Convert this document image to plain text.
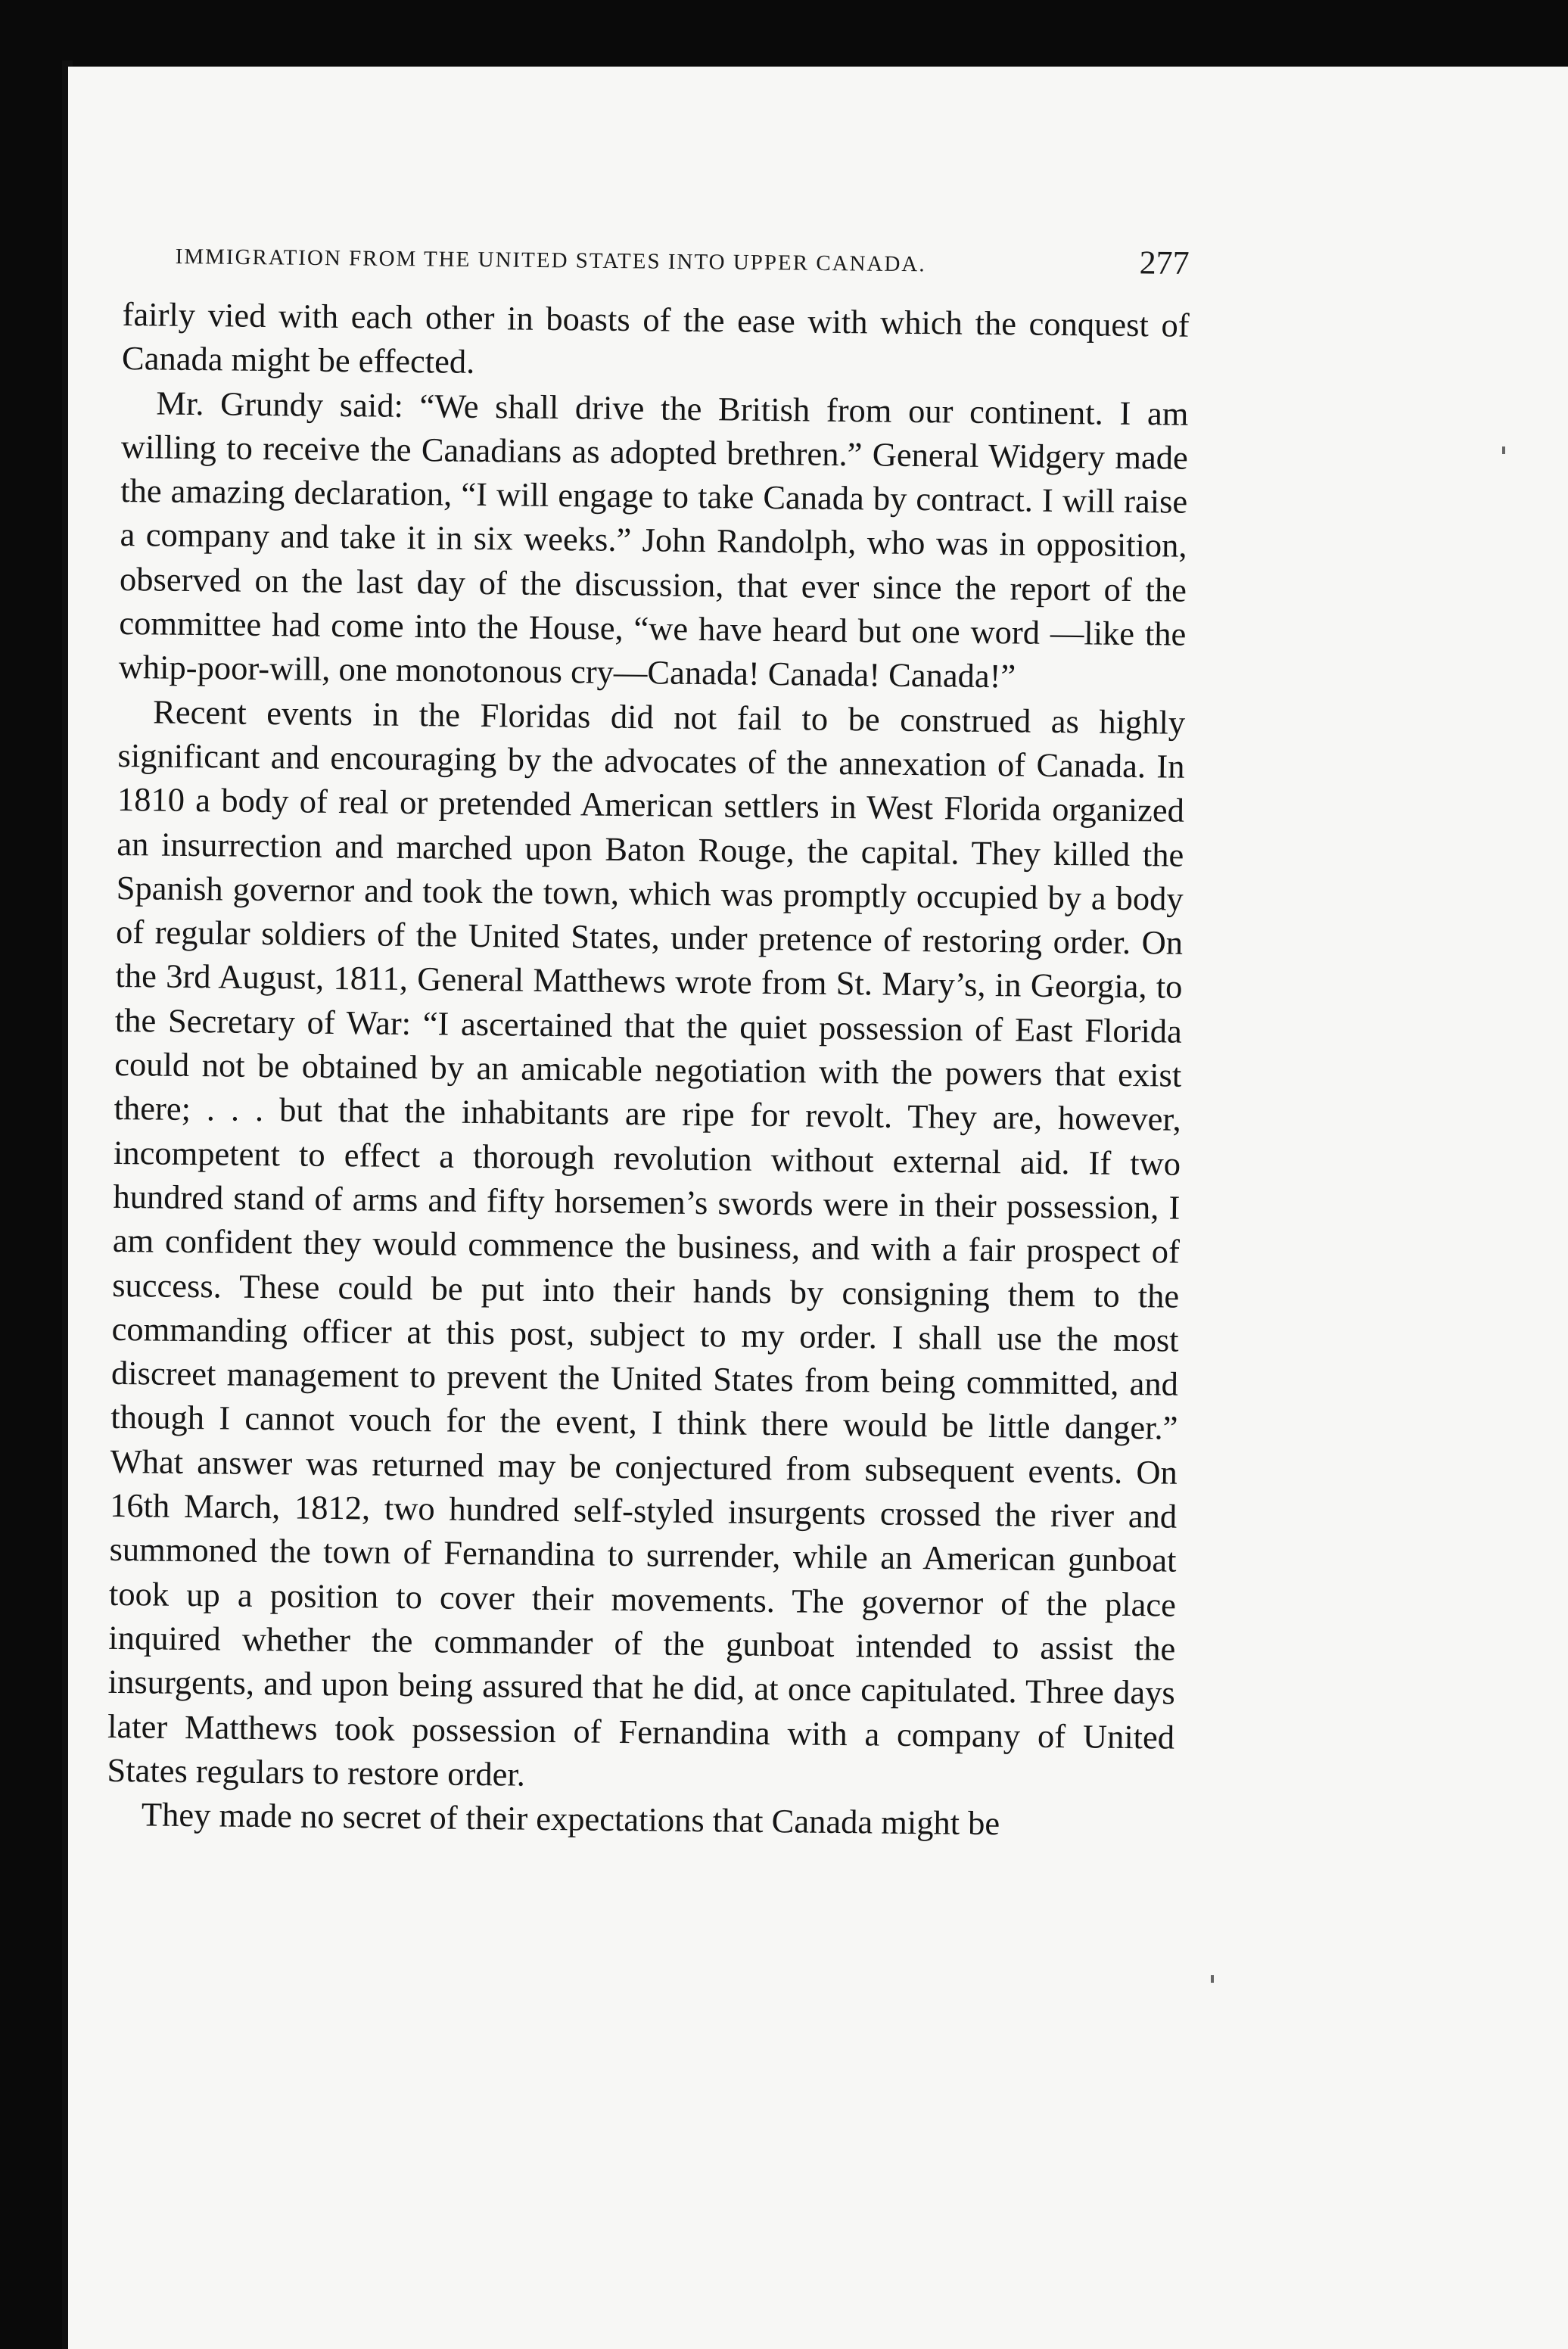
IMMIGRATION FROM THE UNITED STATES INTO UPPER CANADA.	277

fairly vied with each other in boasts of the ease with which the conquest of Canada might be effected.

Mr. Grundy said: “We shall drive the British from our continent. I am willing to receive the Canadians as adopted brethren.” General Widgery made the amazing declaration, “I will engage to take Canada by contract. I will raise a company and take it in six weeks.” John Randolph, who was in opposition, observed on the last day of the discussion, that ever since the report of the committee had come into the House, “we have heard but one word —like the whip-poor-will, one monotonous cry—Canada! Canada! Canada!”

Recent events in the Floridas did not fail to be construed as highly significant and encouraging by the advocates of the annexation of Canada. In 1810 a body of real or pretended American settlers in West Florida organized an insurrection and marched upon Baton Rouge, the capital. They killed the Spanish governor and took the town, which was promptly occupied by a body of regular soldiers of the United States, under pretence of restoring order. On the 3rd August, 1811, General Matthews wrote from St. Mary’s, in Georgia, to the Secretary of War: “I ascertained that the quiet possession of East Florida could not be obtained by an amicable negotiation with the powers that exist there; . . . but that the inhabitants are ripe for revolt. They are, however, incompetent to effect a thorough revolution without external aid. If two hundred stand of arms and fifty horsemen’s swords were in their possession, I am confident they would commence the business, and with a fair prospect of success. These could be put into their hands by consigning them to the commanding officer at this post, subject to my order. I shall use the most discreet management to prevent the United States from being committed, and though I cannot vouch for the event, I think there would be little danger.” What answer was returned may be conjectured from subsequent events. On 16th March, 1812, two hundred self-styled insurgents crossed the river and summoned the town of Fernandina to surrender, while an American gunboat took up a position to cover their movements. The governor of the place inquired whether the commander of the gunboat intended to assist the insurgents, and upon being assured that he did, at once capitulated. Three days later Matthews took possession of Fernandina with a company of United States regulars to restore order.

They made no secret of their expectations that Canada might be
